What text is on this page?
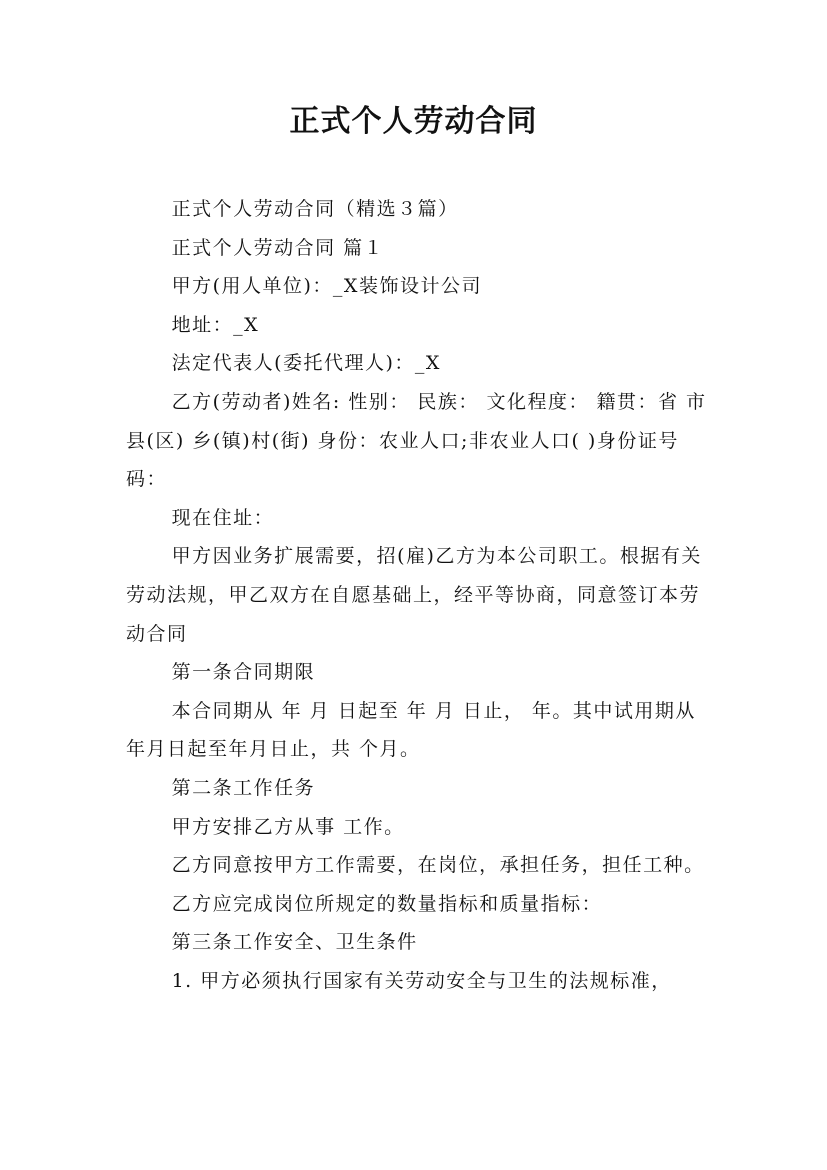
正式个人劳动合同

正式个人劳动合同（精选３篇）

正式个人劳动合同 篇１

甲方(用人单位)：_X装饰设计公司

地址：_X

法定代表人(委托代理人)：_X

乙方(劳动者)姓名: 性别： 民族： 文化程度： 籍贯：省 市 县(区) 乡(镇)村(街) 身份：农业人口;非农业人口( )身份证号码：

现在住址：

甲方因业务扩展需要，招(雇)乙方为本公司职工。根据有关劳动法规，甲乙双方在自愿基础上，经平等协商，同意签订本劳动合同

第一条合同期限

本合同期从 年 月 日起至 年 月 日止， 年。其中试用期从 年月日起至年月日止，共 个月。

第二条工作任务

甲方安排乙方从事 工作。

乙方同意按甲方工作需要，在岗位，承担任务，担任工种。

乙方应完成岗位所规定的数量指标和质量指标：

第三条工作安全、卫生条件

1. 甲方必须执行国家有关劳动安全与卫生的法规标准，
